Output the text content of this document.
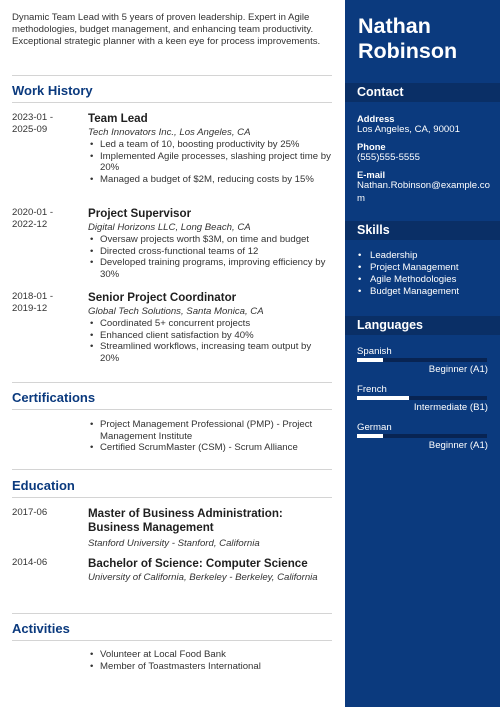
Dynamic Team Lead with 5 years of proven leadership. Expert in Agile methodologies, budget management, and enhancing team productivity. Exceptional strategic planner with a keen eye for process improvements.
Work History
2023-01 -
2025-09
Team Lead
Tech Innovators Inc., Los Angeles, CA
• Led a team of 10, boosting productivity by 25%
• Implemented Agile processes, slashing project time by 20%
• Managed a budget of $2M, reducing costs by 15%
2020-01 -
2022-12
Project Supervisor
Digital Horizons LLC, Long Beach, CA
• Oversaw projects worth $3M, on time and budget
• Directed cross-functional teams of 12
• Developed training programs, improving efficiency by 30%
2018-01 -
2019-12
Senior Project Coordinator
Global Tech Solutions, Santa Monica, CA
• Coordinated 5+ concurrent projects
• Enhanced client satisfaction by 40%
• Streamlined workflows, increasing team output by 20%
Certifications
• Project Management Professional (PMP) - Project Management Institute
• Certified ScrumMaster (CSM) - Scrum Alliance
Education
2017-06	Master of Business Administration: Business Management
Stanford University - Stanford, California
2014-06	Bachelor of Science: Computer Science
University of California, Berkeley - Berkeley, California
Activities
• Volunteer at Local Food Bank
• Member of Toastmasters International
Nathan
Robinson
Contact
Address
Los Angeles, CA, 90001
Phone
(555)555-5555
E-mail
Nathan.Robinson@example.com
Skills
• Leadership
• Project Management
• Agile Methodologies
• Budget Management
Languages
Spanish
Beginner (A1)
French
Intermediate (B1)
German
Beginner (A1)
